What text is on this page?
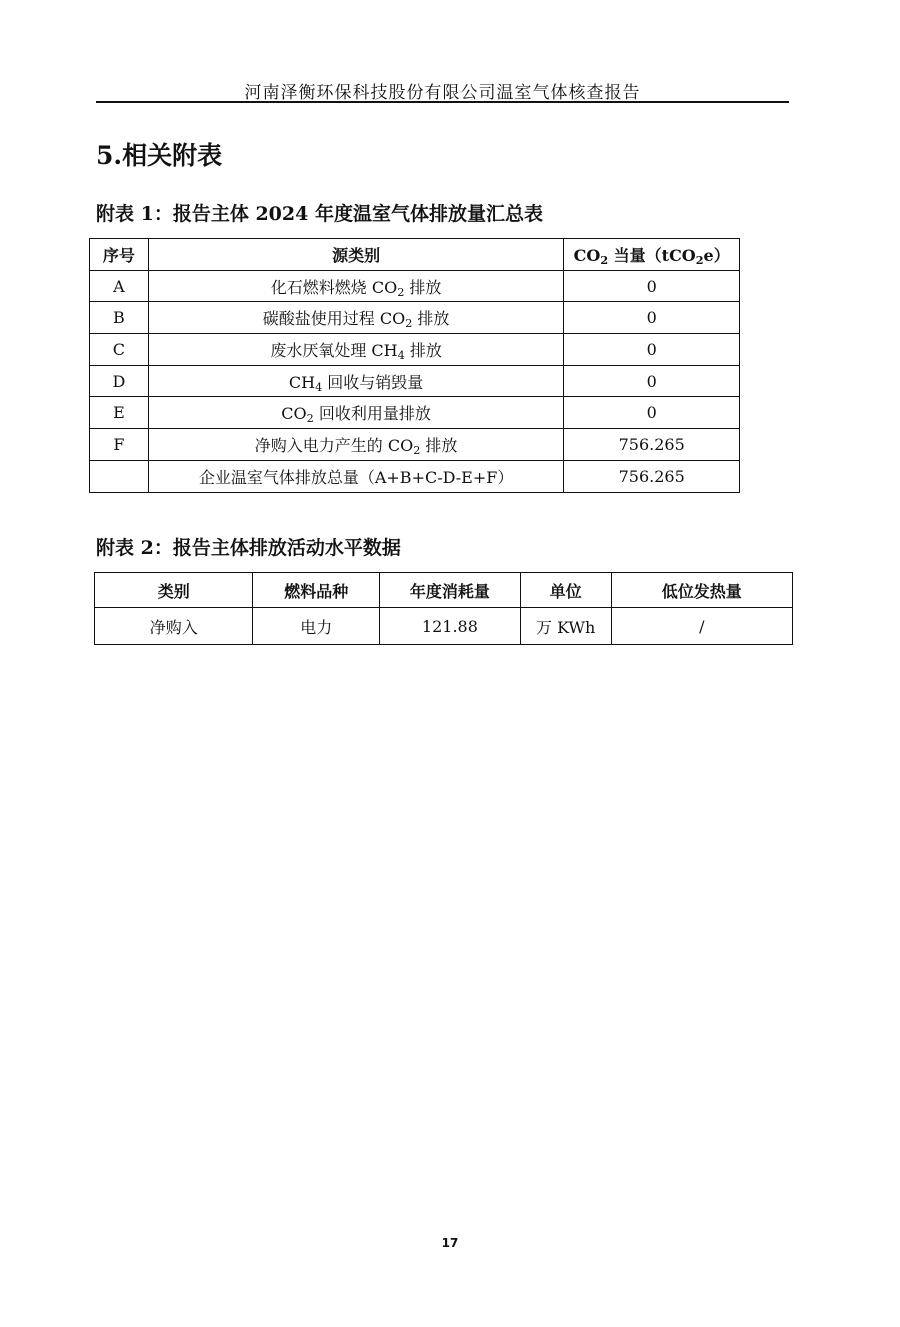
河南泽衡环保科技股份有限公司温室气体核查报告
5.相关附表
附表 1：报告主体 2024 年度温室气体排放量汇总表
序号	源类别	$CO_2$ 当量（tCO$_2$e）
A	化石燃料燃烧 $CO_2$ 排放	0
B	碳酸盐使用过程 $CO_2$ 排放	0
C	废水厌氧处理 $CH_4$ 排放	0
D	$CH_4$ 回收与销毁量	0
E	$CO_2$ 回收利用量排放	0
F	净购入电力产生的 $CO_2$ 排放	756.265
	企业温室气体排放总量（A+B+C-D-E+F）	756.265
附表 2：报告主体排放活动水平数据
类别	燃料品种	年度消耗量	单位	低位发热量
净购入	电力	121.88	万 KWh	/
17
